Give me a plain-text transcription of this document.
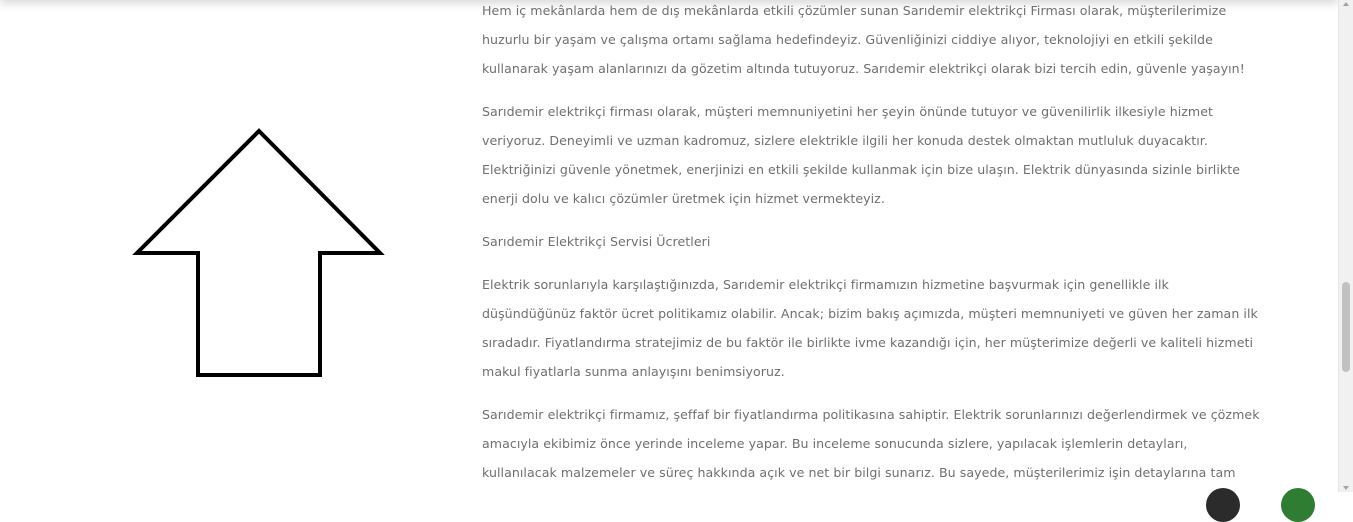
Hem iç mekânlarda hem de dış mekânlarda etkili çözümler sunan Sarıdemir elektrikçi Firması olarak, müşterilerimize huzurlu bir yaşam ve çalışma ortamı sağlama hedefindeyiz. Güvenliğinizi ciddiye alıyor, teknolojiyi en etkili şekilde kullanarak yaşam alanlarınızı da gözetim altında tutuyoruz. Sarıdemir elektrikçi olarak bizi tercih edin, güvenle yaşayın!

Sarıdemir elektrikçi firması olarak, müşteri memnuniyetini her şeyin önünde tutuyor ve güvenilirlik ilkesiyle hizmet veriyoruz. Deneyimli ve uzman kadromuz, sizlere elektrikle ilgili her konuda destek olmaktan mutluluk duyacaktır. Elektriğinizi güvenle yönetmek, enerjinizi en etkili şekilde kullanmak için bize ulaşın. Elektrik dünyasında sizinle birlikte enerji dolu ve kalıcı çözümler üretmek için hizmet vermekteyiz.

Sarıdemir Elektrikçi Servisi Ücretleri

Elektrik sorunlarıyla karşılaştığınızda, Sarıdemir elektrikçi firmamızın hizmetine başvurmak için genellikle ilk düşündüğünüz faktör ücret politikamız olabilir. Ancak; bizim bakış açımızda, müşteri memnuniyeti ve güven her zaman ilk sıradadır. Fiyatlandırma stratejimiz de bu faktör ile birlikte ivme kazandığı için, her müşterimize değerli ve kaliteli hizmeti makul fiyatlarla sunma anlayışını benimsiyoruz.

Sarıdemir elektrikçi firmamız, şeffaf bir fiyatlandırma politikasına sahiptir. Elektrik sorunlarınızı değerlendirmek ve çözmek amacıyla ekibimiz önce yerinde inceleme yapar. Bu inceleme sonucunda sizlere, yapılacak işlemlerin detayları, kullanılacak malzemeler ve süreç hakkında açık ve net bir bilgi sunarız. Bu sayede, müşterilerimiz işin detaylarına tam
